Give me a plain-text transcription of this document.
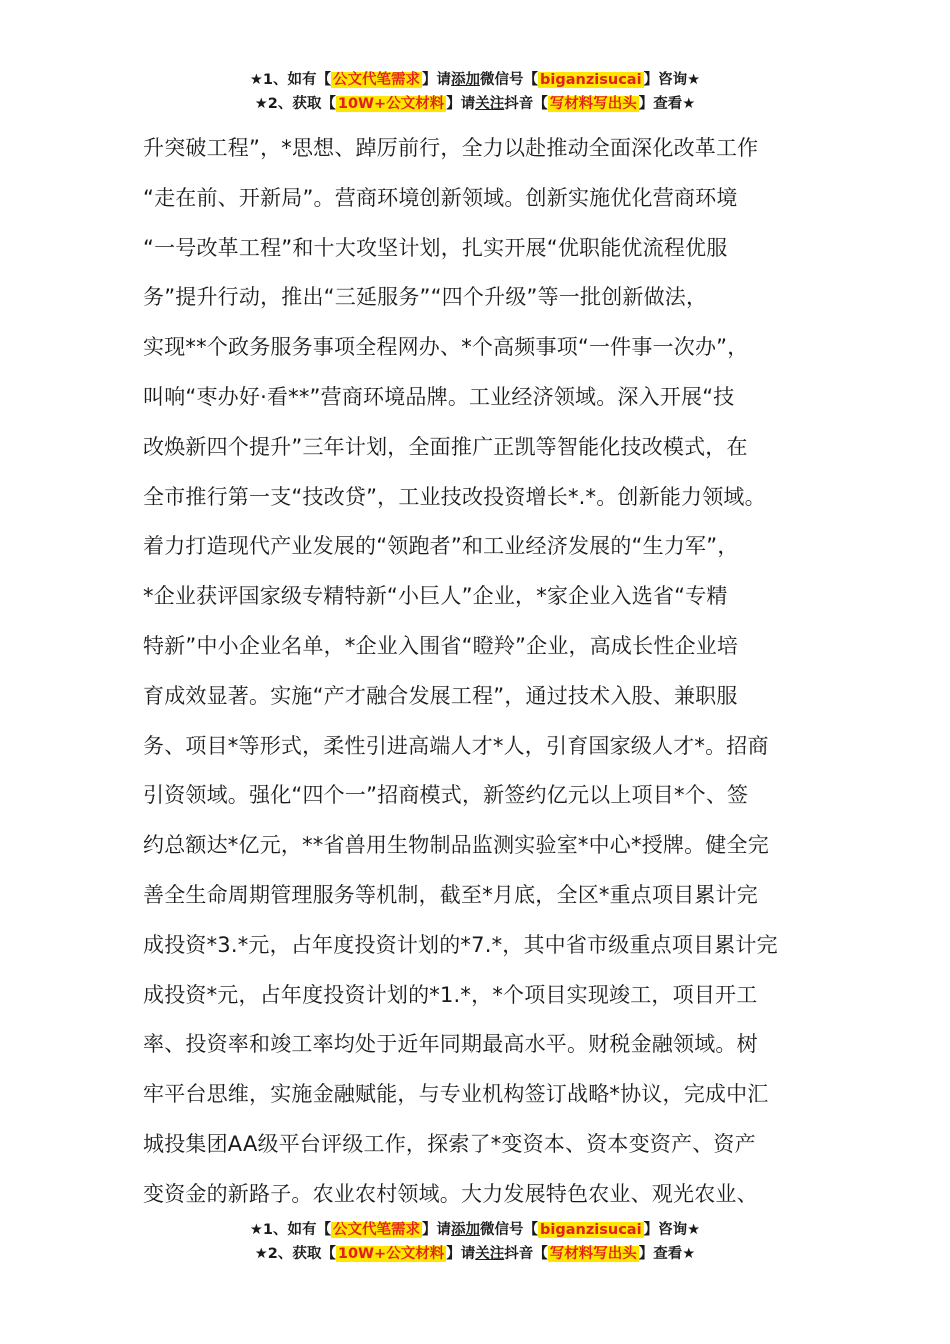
★1、如有【 公文代笔需求 】请添加微信号【 biganzisucai 】咨询★
★2、获取【 10W+公文材料 】请关注抖音【 写材料写出头 】查看★
升突破工程”，*思想、踔厉前行，全力以赴推动全面深化改革工作
“走在前、开新局”。营商环境创新领域。创新实施优化营商环境
“一号改革工程”和十大攻坚计划，扎实开展“优职能优流程优服
务”提升行动，推出“三延服务”“四个升级”等一批创新做法，
实现**个政务服务事项全程网办、*个高频事项“一件事一次办”，
叫响“枣办好·看**”营商环境品牌。工业经济领域。深入开展“技
改焕新四个提升”三年计划，全面推广正凯等智能化技改模式，在
全市推行第一支“技改贷”，工业技改投资增长*.*。创新能力领域。
着力打造现代产业发展的“领跑者”和工业经济发展的“生力军”，
*企业获评国家级专精特新“小巨人”企业，*家企业入选省“专精
特新”中小企业名单，*企业入围省“瞪羚”企业，高成长性企业培
育成效显著。实施“产才融合发展工程”，通过技术入股、兼职服
务、项目*等形式，柔性引进高端人才*人，引育国家级人才*。招商
引资领域。强化“四个一”招商模式，新签约亿元以上项目*个、签
约总额达*亿元，**省兽用生物制品监测实验室*中心*授牌。健全完
善全生命周期管理服务等机制，截至*月底，全区*重点项目累计完
成投资*3.*元，占年度投资计划的*7.*，其中省市级重点项目累计完
成投资*元，占年度投资计划的*1.*，*个项目实现竣工，项目开工
率、投资率和竣工率均处于近年同期最高水平。财税金融领域。树
牢平台思维，实施金融赋能，与专业机构签订战略*协议，完成中汇
城投集团AA级平台评级工作，探索了*变资本、资本变资产、资产
变资金的新路子。农业农村领域。大力发展特色农业、观光农业、
★1、如有【 公文代笔需求 】请添加微信号【 biganzisucai 】咨询★
★2、获取【 10W+公文材料 】请关注抖音【 写材料写出头 】查看★
